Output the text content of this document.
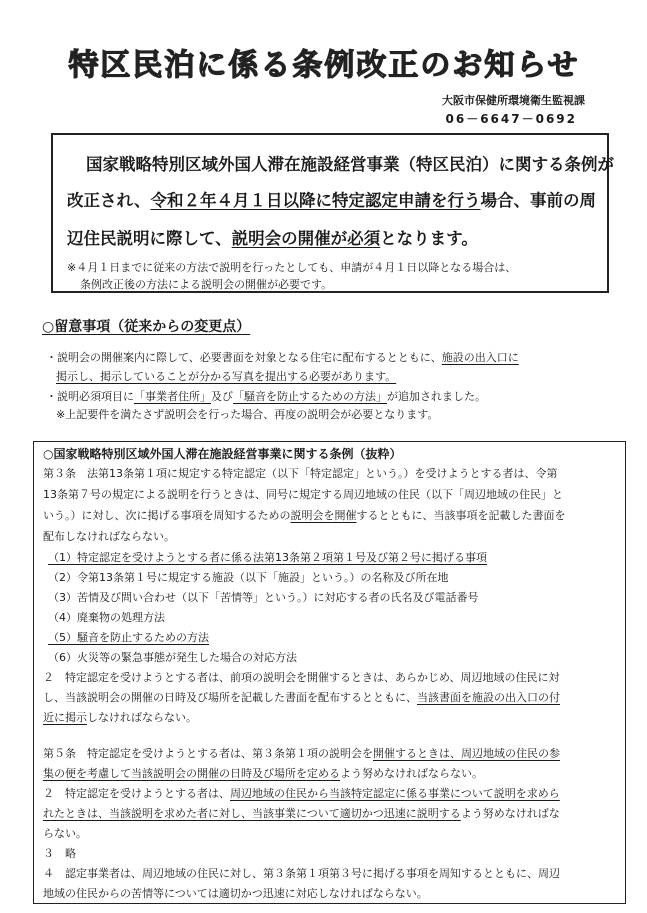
特区民泊に係る条例改正のお知らせ
大阪市保健所環境衛生監視課
06－6647－0692
国家戦略特別区域外国人滞在施設経営事業（特区民泊）に関する条例が
改正され、令和２年４月１日以降に特定認定申請を行う場合、事前の周
辺住民説明に際して、説明会の開催が必須となります。
※４月１日までに従来の方法で説明を行ったとしても、申請が４月１日以降となる場合は、
条例改正後の方法による説明会の開催が必要です。
○留意事項（従来からの変更点）
・説明会の開催案内に際して、必要書面を対象となる住宅に配布するとともに、施設の出入口に
掲示し、掲示していることが分かる写真を提出する必要があります。
・説明必須項目に「事業者住所」及び「騒音を防止するための方法」が追加されました。
※上記要件を満たさず説明会を行った場合、再度の説明会が必要となります。
○国家戦略特別区域外国人滞在施設経営事業に関する条例（抜粋）
第３条　法第13条第１項に規定する特定認定（以下「特定認定」という。）を受けようとする者は、令第
13条第７号の規定による説明を行うときは、同号に規定する周辺地域の住民（以下「周辺地域の住民」と
いう。）に対し、次に掲げる事項を周知するための説明会を開催するとともに、当該事項を記載した書面を
配布しなければならない。
（1）特定認定を受けようとする者に係る法第13条第２項第１号及び第２号に掲げる事項
（2）令第13条第１号に規定する施設（以下「施設」という。）の名称及び所在地
（3）苦情及び問い合わせ（以下「苦情等」という。）に対応する者の氏名及び電話番号
（4）廃棄物の処理方法
（5）騒音を防止するための方法
（6）火災等の緊急事態が発生した場合の対応方法
２　特定認定を受けようとする者は、前項の説明会を開催するときは、あらかじめ、周辺地域の住民に対
し、当該説明会の開催の日時及び場所を記載した書面を配布するとともに、当該書面を施設の出入口の付
近に掲示しなければならない。
第５条　特定認定を受けようとする者は、第３条第１項の説明会を開催するときは、周辺地域の住民の参
集の便を考慮して当該説明会の開催の日時及び場所を定めるよう努めなければならない。
２　特定認定を受けようとする者は、周辺地域の住民から当該特定認定に係る事業について説明を求めら
れたときは、当該説明を求めた者に対し、当該事業について適切かつ迅速に説明するよう努めなければな
らない。
３　略
４　認定事業者は、周辺地域の住民に対し、第３条第１項第３号に掲げる事項を周知するとともに、周辺
地域の住民からの苦情等については適切かつ迅速に対応しなければならない。
